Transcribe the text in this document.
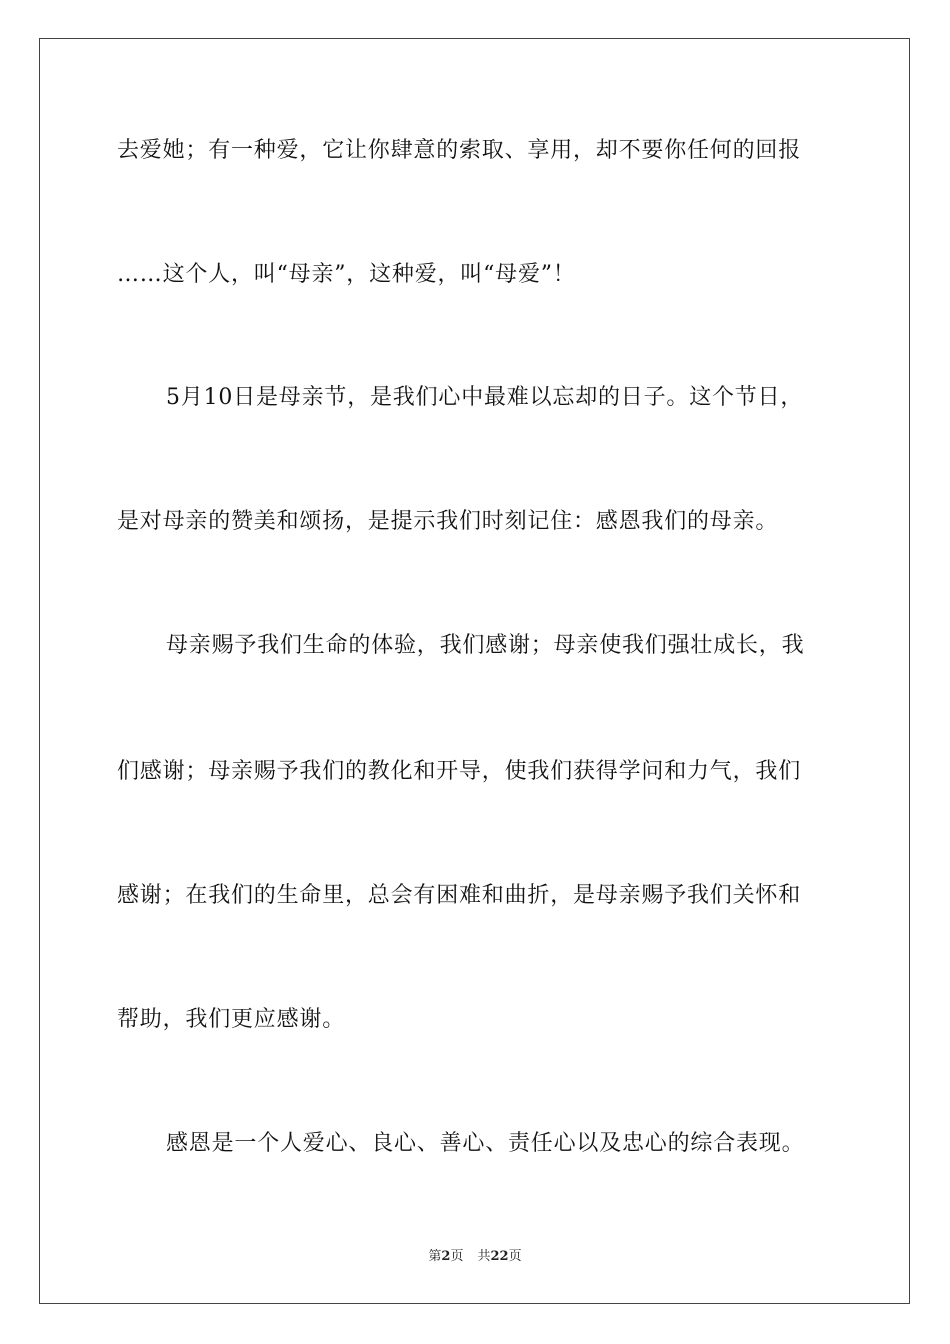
去爱她；有一种爱，它让你肆意的索取、享用，却不要你任何的回报
……这个人，叫“母亲”，这种爱，叫“母爱”！
5月10日是母亲节，是我们心中最难以忘却的日子。这个节日，
是对母亲的赞美和颂扬，是提示我们时刻记住：感恩我们的母亲。
母亲赐予我们生命的体验，我们感谢；母亲使我们强壮成长，我
们感谢；母亲赐予我们的教化和开导，使我们获得学问和力气，我们
感谢；在我们的生命里，总会有困难和曲折，是母亲赐予我们关怀和
帮助，我们更应感谢。
感恩是一个人爱心、良心、善心、责任心以及忠心的综合表现。
第2页 共22页
